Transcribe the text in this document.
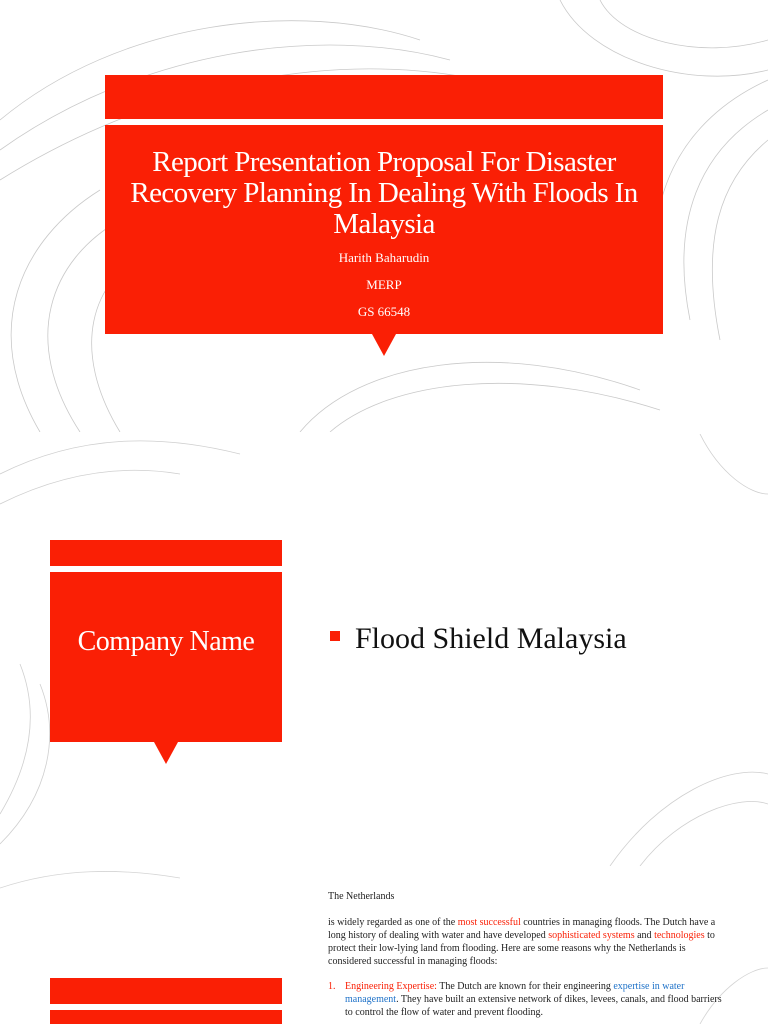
Report Presentation Proposal For Disaster Recovery Planning In Dealing With Floods In Malaysia

Harith Baharudin

MERP

GS 66548

Company Name	Flood Shield Malaysia

The Netherlands

is widely regarded as one of the most successful countries in managing floods. The Dutch have a long history of dealing with water and have developed sophisticated systems and technologies to protect their low-lying land from flooding. Here are some reasons why the Netherlands is considered successful in managing floods:

1. Engineering Expertise: The Dutch are known for their engineering expertise in water management. They have built an extensive network of dikes, levees, canals, and flood barriers to control the flow of water and prevent flooding.
